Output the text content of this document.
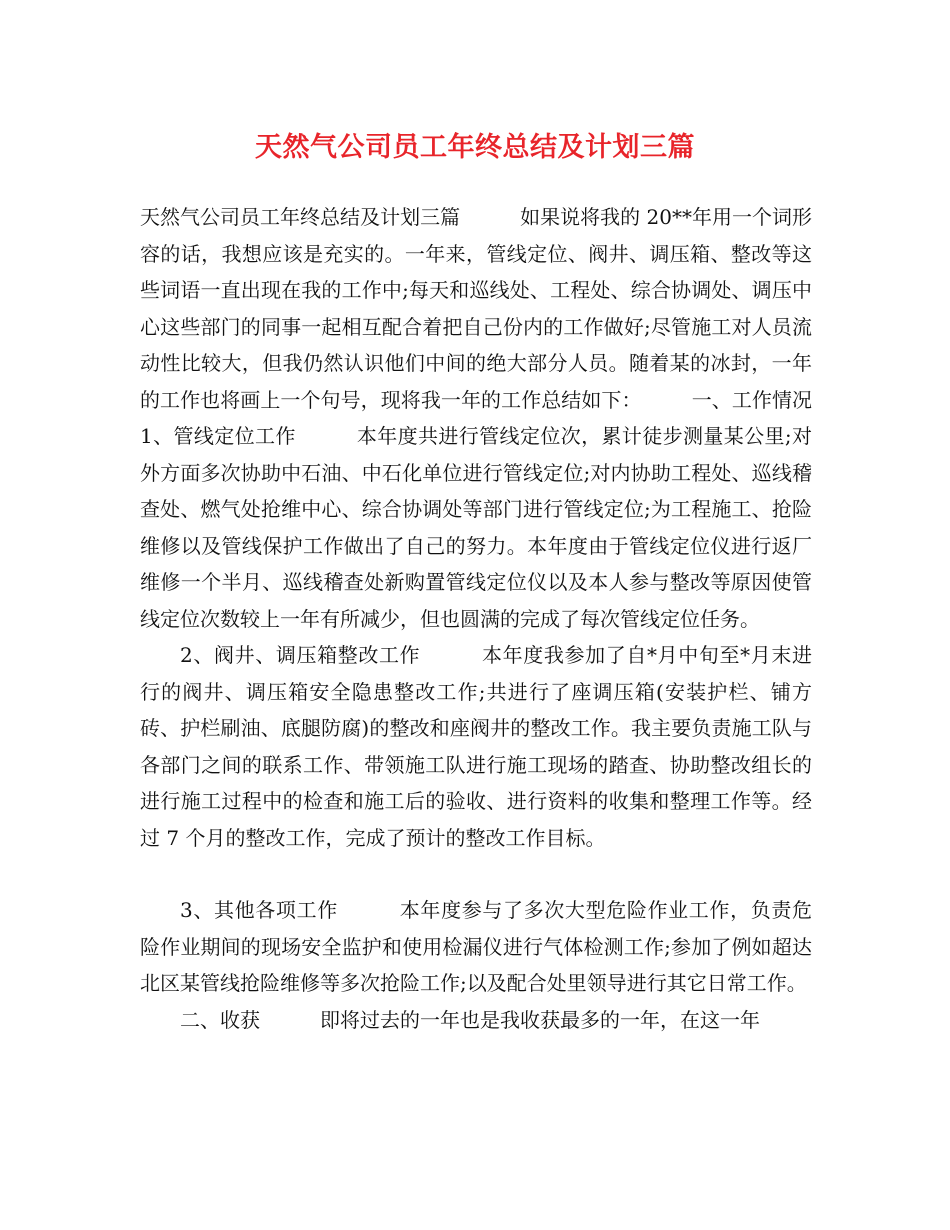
天然气公司员工年终总结及计划三篇

天然气公司员工年终总结及计划三篇　　　如果说将我的 20**年用一个词形容的话，我想应该是充实的。一年来，管线定位、阀井、调压箱、整改等这些词语一直出现在我的工作中;每天和巡线处、工程处、综合协调处、调压中心这些部门的同事一起相互配合着把自己份内的工作做好;尽管施工对人员流动性比较大，但我仍然认识他们中间的绝大部分人员。随着某的冰封，一年的工作也将画上一个句号，现将我一年的工作总结如下：　　　一、工作情况　　　1、管线定位工作　　　本年度共进行管线定位次，累计徒步测量某公里;对外方面多次协助中石油、中石化单位进行管线定位;对内协助工程处、巡线稽查处、燃气处抢维中心、综合协调处等部门进行管线定位;为工程施工、抢险维修以及管线保护工作做出了自己的努力。本年度由于管线定位仪进行返厂维修一个半月、巡线稽查处新购置管线定位仪以及本人参与整改等原因使管线定位次数较上一年有所减少，但也圆满的完成了每次管线定位任务。

2、阀井、调压箱整改工作　　　本年度我参加了自*月中旬至*月末进行的阀井、调压箱安全隐患整改工作;共进行了座调压箱(安装护栏、铺方砖、护栏刷油、底腿防腐)的整改和座阀井的整改工作。我主要负责施工队与各部门之间的联系工作、带领施工队进行施工现场的踏查、协助整改组长的进行施工过程中的检查和施工后的验收、进行资料的收集和整理工作等。经过 7 个月的整改工作，完成了预计的整改工作目标。

3、其他各项工作　　　本年度参与了多次大型危险作业工作，负责危险作业期间的现场安全监护和使用检漏仪进行气体检测工作;参加了例如超达北区某管线抢险维修等多次抢险工作;以及配合处里领导进行其它日常工作。

二、收获　　　即将过去的一年也是我收获最多的一年，在这一年
